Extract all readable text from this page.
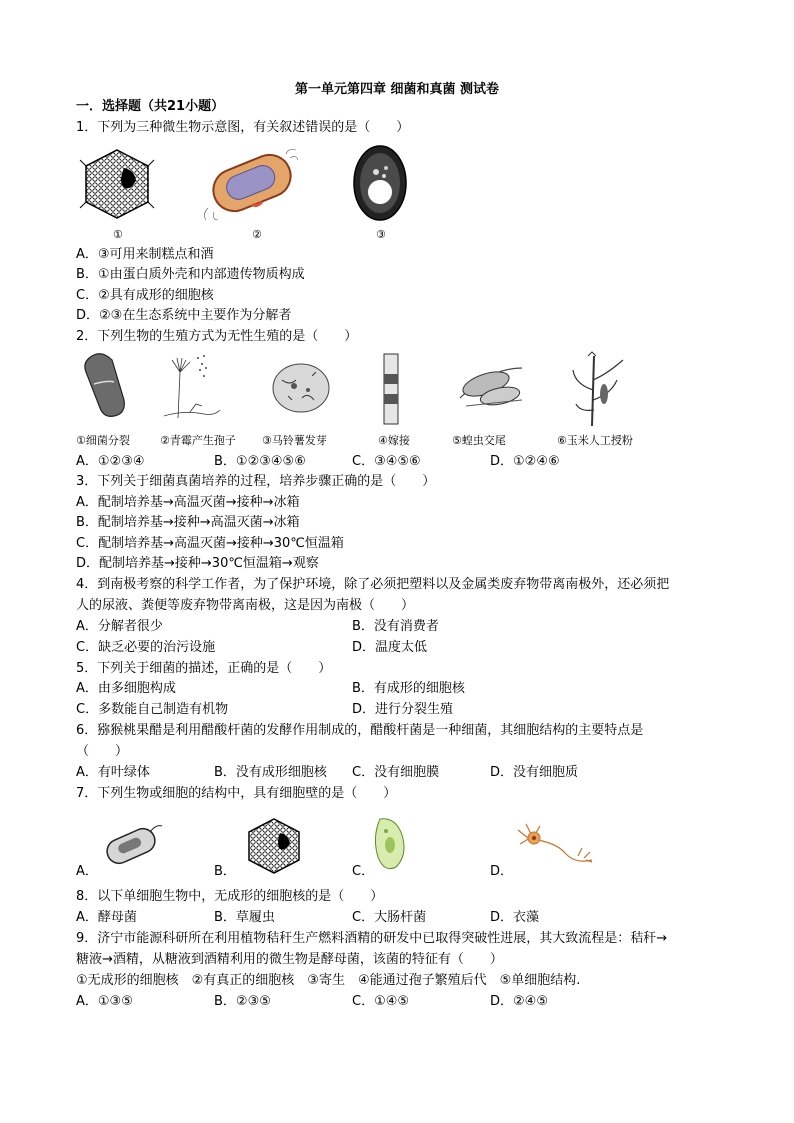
第一单元第四章 细菌和真菌 测试卷
一．选择题（共21小题）
1．下列为三种微生物示意图，有关叙述错误的是（　　）
①	②	③
A．③可用来制糕点和酒
B．①由蛋白质外壳和内部遗传物质构成
C．②具有成形的细胞核
D．②③在生态系统中主要作为分解者
2．下列生物的生殖方式为无性生殖的是（　　）
①细菌分裂	②青霉产生孢子 ③马铃薯发芽	④嫁接	⑤蝗虫交尾	⑥玉米人工授粉
A．①②③④	B．①②③④⑤⑥	C．③④⑤⑥	D．①②④⑥
3．下列关于细菌真菌培养的过程，培养步骤正确的是（　　）
A．配制培养基→高温灭菌→接种→冰箱
B．配制培养基→接种→高温灭菌→冰箱
C．配制培养基→高温灭菌→接种→30℃恒温箱
D．配制培养基→接种→30℃恒温箱→观察
4．到南极考察的科学工作者，为了保护环境，除了必须把塑料以及金属类废弃物带离南极外，还必须把
人的尿液、粪便等废弃物带离南极，这是因为南极（　　）
A．分解者很少	B．没有消费者
C．缺乏必要的治污设施	D．温度太低
5．下列关于细菌的描述，正确的是（　　）
A．由多细胞构成	B．有成形的细胞核
C．多数能自己制造有机物	D．进行分裂生殖
6．猕猴桃果醋是利用醋酸杆菌的发酵作用制成的，醋酸杆菌是一种细菌，其细胞结构的主要特点是
（　　）
A．有叶绿体	B．没有成形细胞核 C．没有细胞膜	D．没有细胞质
7．下列生物或细胞的结构中，具有细胞壁的是（　　）
A．	B．	C．	D．
8．以下单细胞生物中，无成形的细胞核的是（　　）
A．酵母菌	B．草履虫	C．大肠杆菌	D．衣藻
9．济宁市能源科研所在利用植物秸秆生产燃料酒精的研发中已取得突破性进展，其大致流程是：秸秆→
糖液→酒精，从糖液到酒精利用的微生物是酵母菌，该菌的特征有（　　）
①无成形的细胞核　②有真正的细胞核　③寄生　④能通过孢子繁殖后代　⑤单细胞结构.
A．①③⑤	B．②③⑤	C．①④⑤	D．②④⑤
